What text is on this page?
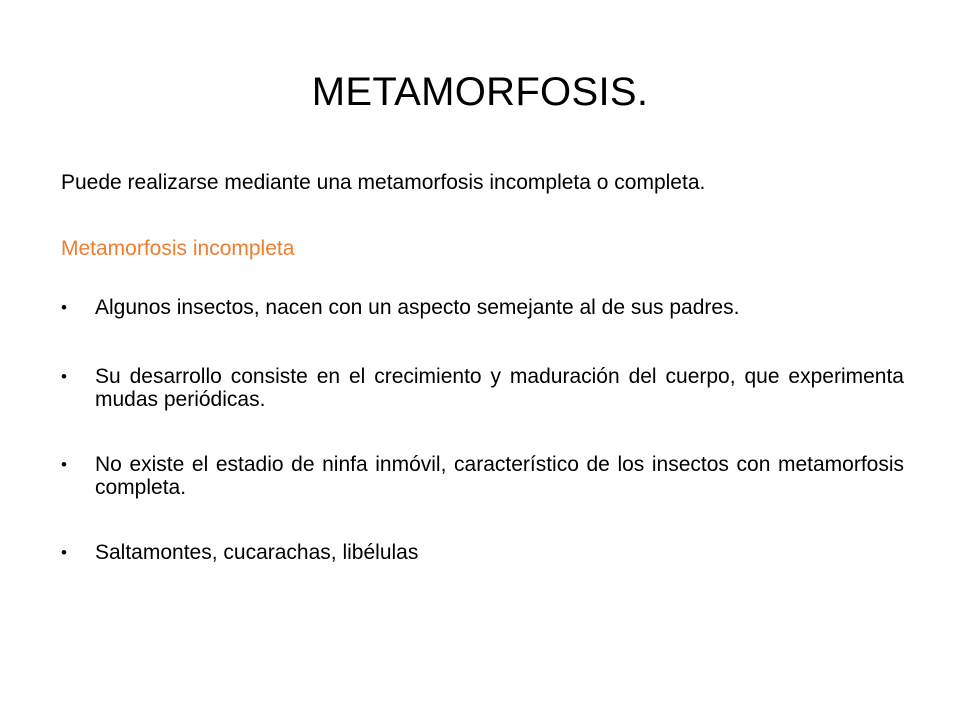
METAMORFOSIS.

Puede realizarse mediante una metamorfosis incompleta o completa.

Metamorfosis incompleta

•	Algunos insectos, nacen con un aspecto semejante al de sus padres.
•	Su desarrollo consiste en el crecimiento y maduración del cuerpo, que experimenta mudas periódicas.
•	No existe el estadio de ninfa inmóvil, característico de los insectos con metamorfosis completa.
•	Saltamontes, cucarachas, libélulas
